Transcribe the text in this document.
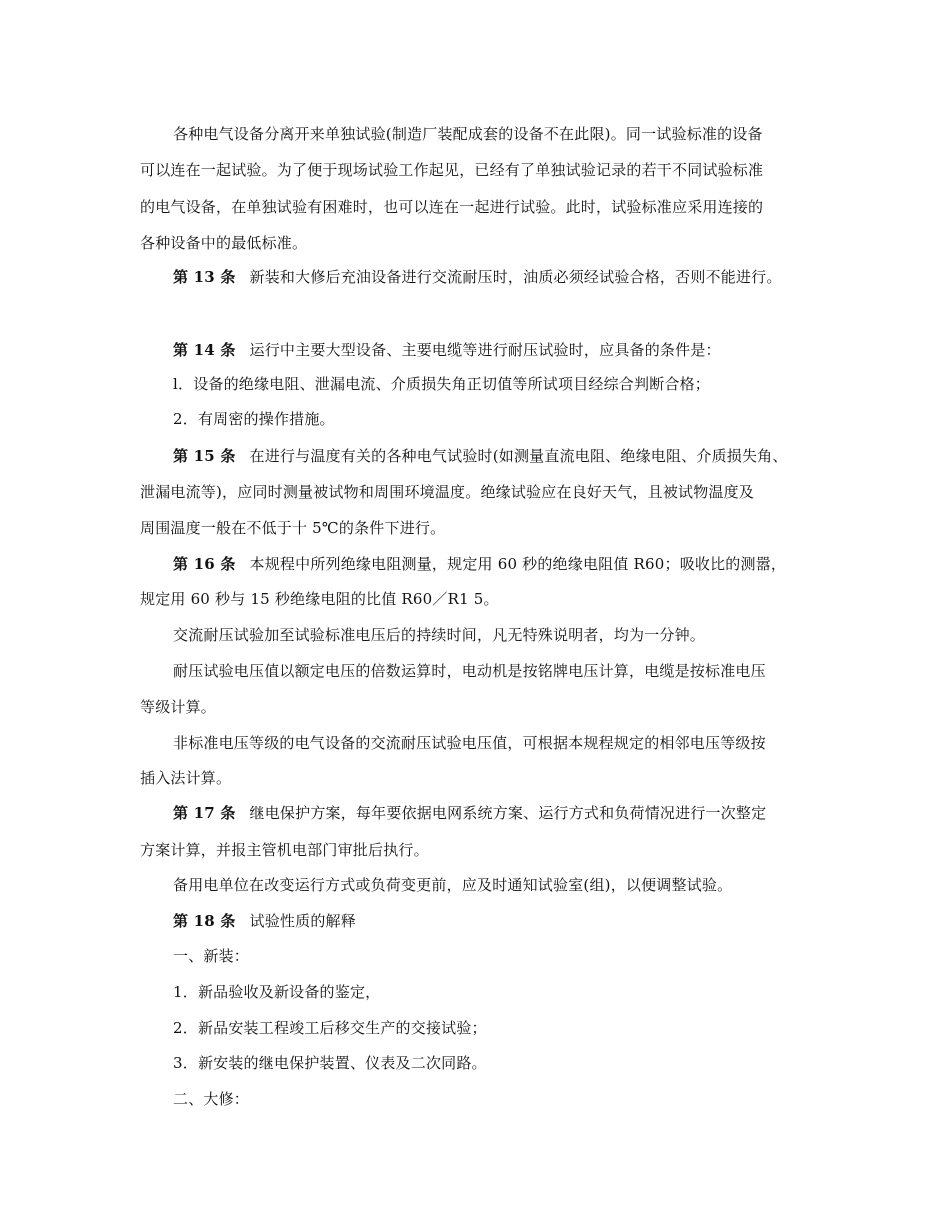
各种电气设备分离开来单独试验(制造厂装配成套的设备不在此限)。同一试验标准的设备
可以连在一起试验。为了便于现场试验工作起见，已经有了单独试验记录的若干不同试验标准
的电气设备，在单独试验有困难时，也可以连在一起进行试验。此时，试验标准应采用连接的
各种设备中的最低标准。
第 13 条 新装和大修后充油设备进行交流耐压时，油质必须经试验合格，否则不能进行。
第 14 条 运行中主要大型设备、主要电缆等进行耐压试验时，应具备的条件是：
l．设备的绝缘电阻、泄漏电流、介质损失角正切值等所试项目经综合判断合格；
2．有周密的操作措施。
第 15 条 在进行与温度有关的各种电气试验时(如测量直流电阻、绝缘电阻、介质损失角、
泄漏电流等)，应同时测量被试物和周围环境温度。绝缘试验应在良好天气，且被试物温度及
周围温度一般在不低于十 5℃的条件下进行。
第 16 条 本规程中所列绝缘电阻测量，规定用 60 秒的绝缘电阻值 R60；吸收比的测嚣，
规定用 60 秒与 15 秒绝缘电阻的比值 R60／R1 5。
交流耐压试验加至试验标准电压后的持续时间，凡无特殊说明者，均为一分钟。
耐压试验电压值以额定电压的倍数运算时，电动机是按铭牌电压计算，电缆是按标准电压
等级计算。
非标准电压等级的电气设备的交流耐压试验电压值，可根据本规程规定的相邻电压等级按
插入法计算。
第 17 条 继电保护方案，每年要依据电网系统方案、运行方式和负荷情况进行一次整定
方案计算，并报主管机电部门审批后执行。
备用电单位在改变运行方式或负荷变更前，应及时通知试验室(组)，以便调整试验。
第 18 条 试验性质的解释
一、新装：
1．新品验收及新设备的鉴定，
2．新品安装工程竣工后移交生产的交接试验；
3．新安装的继电保护装置、仪表及二次同路。
二、大修：
